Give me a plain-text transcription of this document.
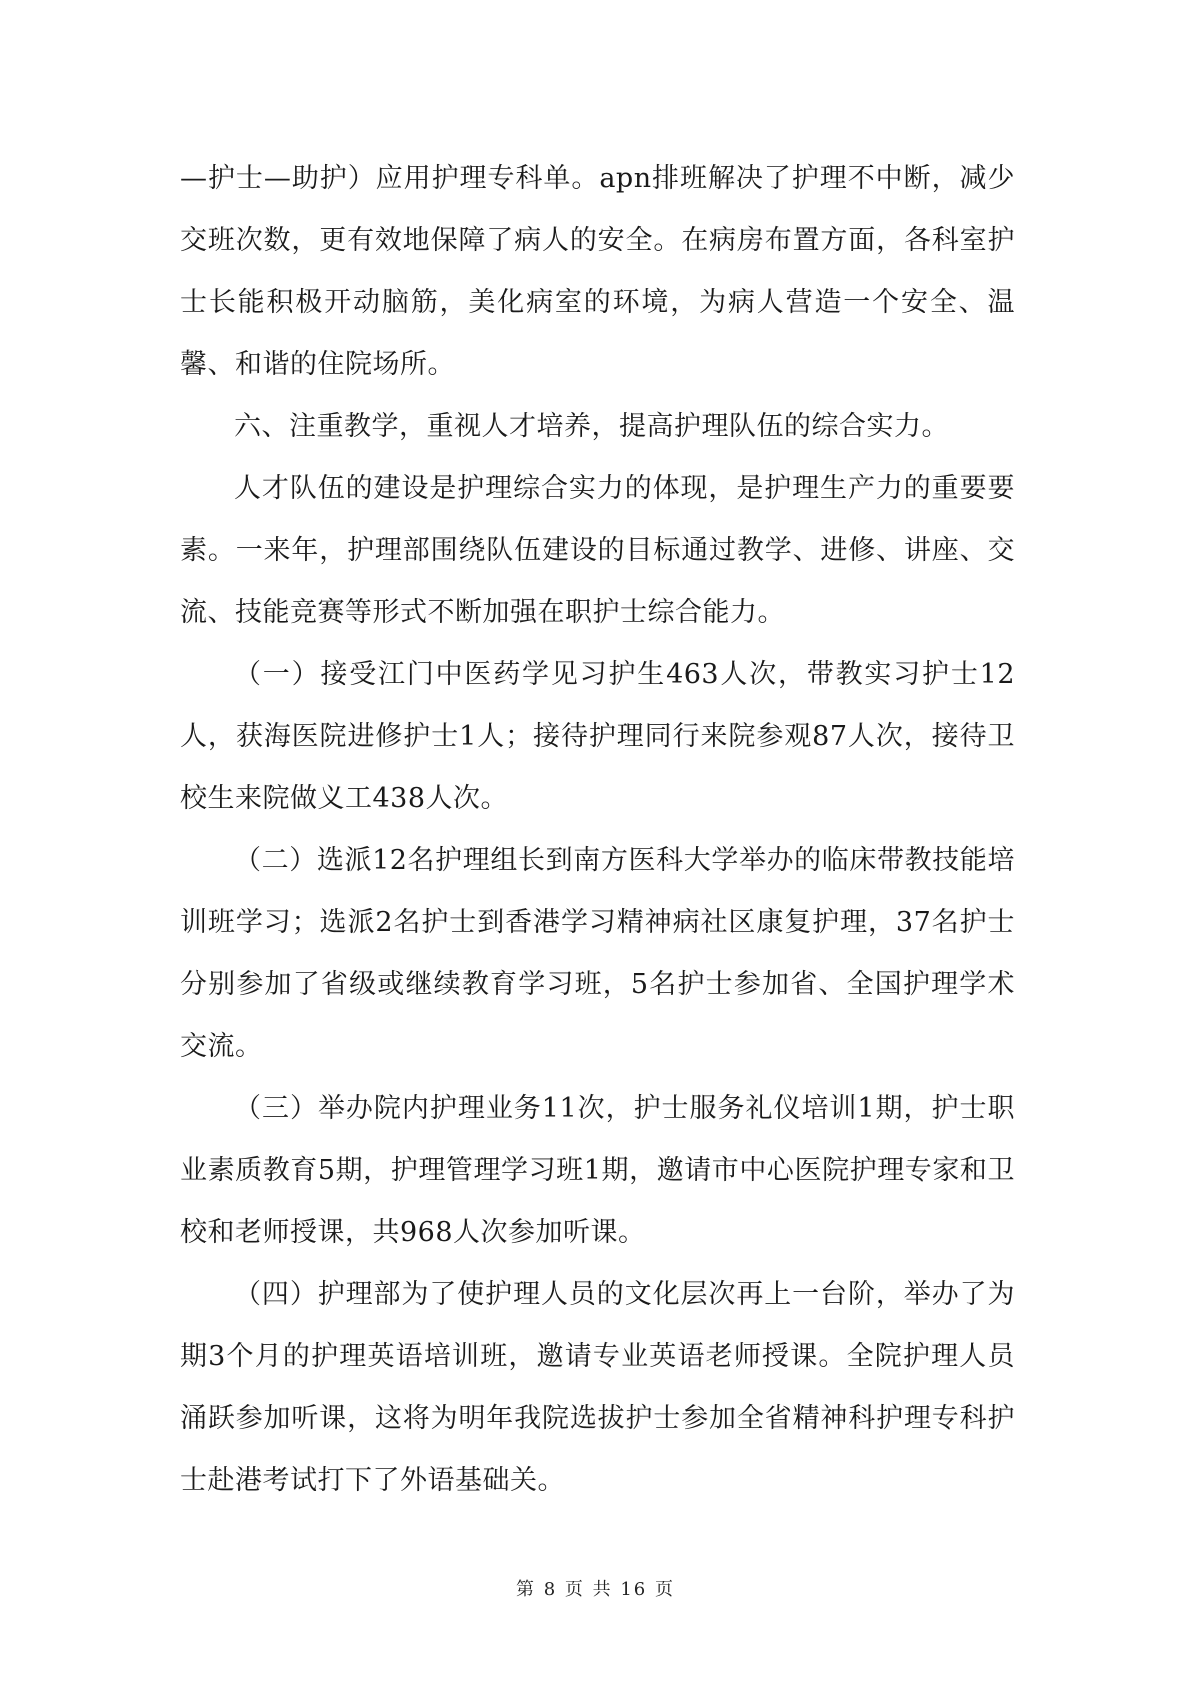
—护士—助护）应用护理专科单。apn排班解决了护理不中断，减少交班次数，更有效地保障了病人的安全。在病房布置方面，各科室护士长能积极开动脑筋，美化病室的环境，为病人营造一个安全、温馨、和谐的住院场所。

六、注重教学，重视人才培养，提高护理队伍的综合实力。

人才队伍的建设是护理综合实力的体现，是护理生产力的重要要素。一来年，护理部围绕队伍建设的目标通过教学、进修、讲座、交流、技能竞赛等形式不断加强在职护士综合能力。

（一）接受江门中医药学见习护生463人次，带教实习护士12人，获海医院进修护士1人；接待护理同行来院参观87人次，接待卫校生来院做义工438人次。

（二）选派12名护理组长到南方医科大学举办的临床带教技能培训班学习；选派2名护士到香港学习精神病社区康复护理，37名护士分别参加了省级或继续教育学习班，5名护士参加省、全国护理学术交流。

（三）举办院内护理业务11次，护士服务礼仪培训1期，护士职业素质教育5期，护理管理学习班1期，邀请市中心医院护理专家和卫校和老师授课，共968人次参加听课。

（四）护理部为了使护理人员的文化层次再上一台阶，举办了为期3个月的护理英语培训班，邀请专业英语老师授课。全院护理人员涌跃参加听课，这将为明年我院选拔护士参加全省精神科护理专科护士赴港考试打下了外语基础关。

第 8 页 共 16 页
